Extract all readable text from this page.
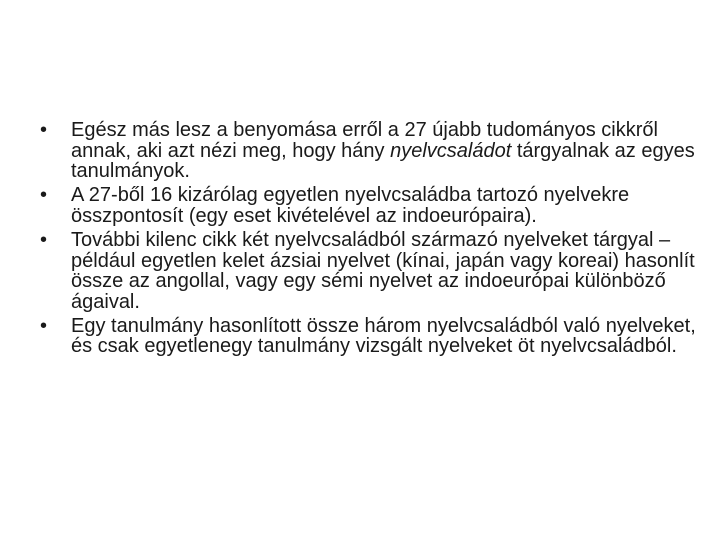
• Egész más lesz a benyomása erről a 27 újabb tudományos cikkről annak, aki azt nézi meg, hogy hány nyelvcsaládot tárgyalnak az egyes tanulmányok.
• A 27-ből 16 kizárólag egyetlen nyelvcsaládba tartozó nyelvekre összpontosít (egy eset kivételével az indoeurópaira).
• További kilenc cikk két nyelvcsaládból származó nyelveket tárgyal – például egyetlen kelet ázsiai nyelvet (kínai, japán vagy koreai) hasonlít össze az angollal, vagy egy sémi nyelvet az indoeurópai különböző ágaival.
• Egy tanulmány hasonlított össze három nyelvcsaládból való nyelveket, és csak egyetlenegy tanulmány vizsgált nyelveket öt nyelvcsaládból.
